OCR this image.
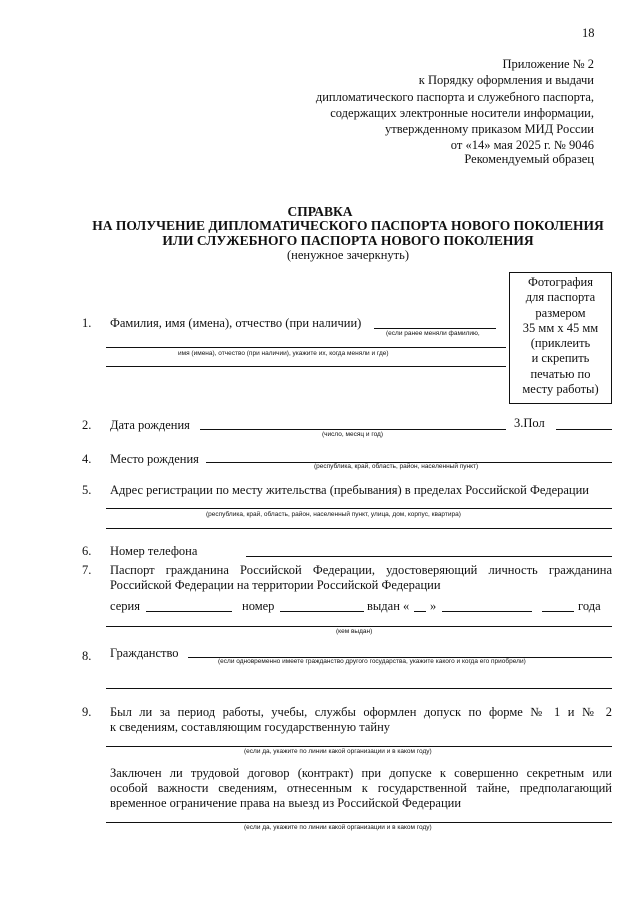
18
Приложение № 2
к Порядку оформления и выдачи
дипломатического паспорта и служебного паспорта,
содержащих электронные носители информации,
утвержденному приказом МИД России
от «14» мая 2025 г. № 9046
Рекомендуемый образец
СПРАВКА
НА ПОЛУЧЕНИЕ ДИПЛОМАТИЧЕСКОГО ПАСПОРТА НОВОГО ПОКОЛЕНИЯ
ИЛИ СЛУЖЕБНОГО ПАСПОРТА НОВОГО ПОКОЛЕНИЯ
(ненужное зачеркнуть)
Фотография
для паспорта
размером
35 мм х 45 мм
(приклеить
и скрепить
печатью по
месту работы)
1. Фамилия, имя (имена), отчество (при наличии)
(если ранее меняли фамилию,
имя (имена), отчество (при наличии), укажите их, когда меняли и где)
2. Дата рождения
(число, месяц и год)
3.Пол
4. Место рождения
(республика, край, область, район, населенный пункт)
5. Адрес регистрации по месту жительства (пребывания) в пределах Российской Федерации
(республика, край, область, район, населенный пункт, улица, дом, корпус, квартира)
6. Номер телефона
7. Паспорт гражданина Российской Федерации, удостоверяющий личность гражданина
Российской Федерации на территории Российской Федерации
серия	номер	выдан « »	года
(кем выдан)
8. Гражданство
(если одновременно имеете гражданство другого государства, укажите какого и когда его приобрели)
9. Был ли за период работы, учебы, службы оформлен допуск по форме № 1 и № 2
к сведениям, составляющим государственную тайну
(если да, укажите по линии какой организации и в каком году)
Заключен ли трудовой договор (контракт) при допуске к совершенно секретным или
особой важности сведениям, отнесенным к государственной тайне, предполагающий
временное ограничение права на выезд из Российской Федерации
(если да, укажите по линии какой организации и в каком году)
